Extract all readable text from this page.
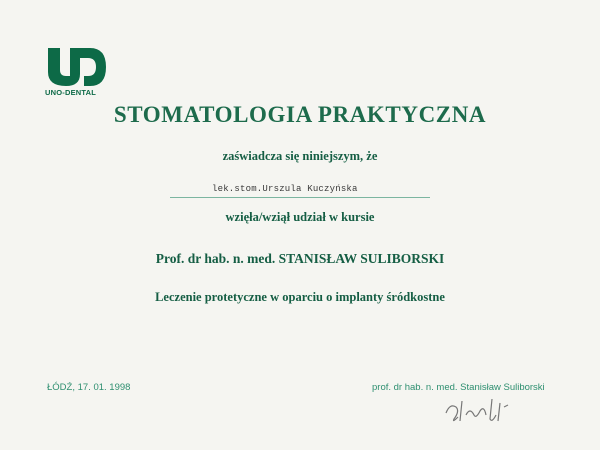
UNO-DENTAL
STOMATOLOGIA PRAKTYCZNA
zaświadcza się niniejszym, że
lek.stom.Urszula Kuczyńska
wzięła/wziął udział w kursie
Prof. dr hab. n. med. STANISŁAW SULIBORSKI
Leczenie protetyczne w oparciu o implanty śródkostne
ŁÓDŹ, 17. 01. 1998	prof. dr hab. n. med. Stanisław Suliborski
